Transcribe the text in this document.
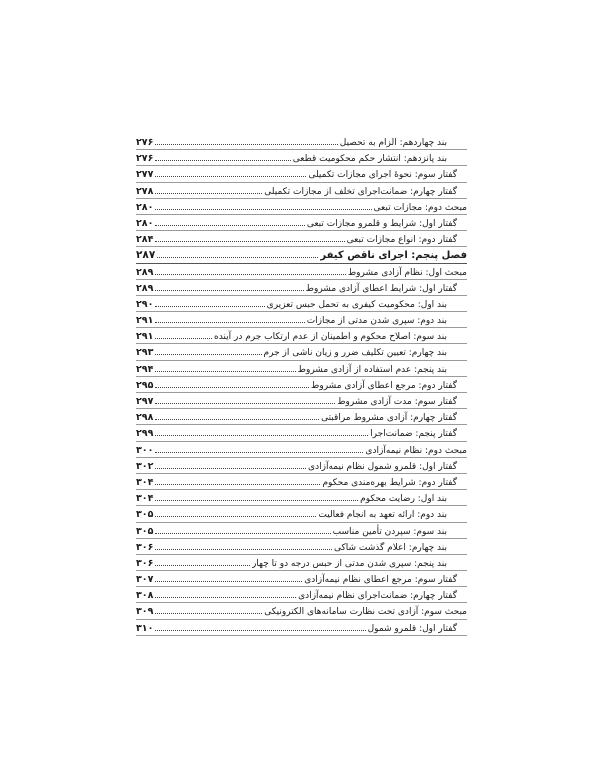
بند چهاردهم: الزام به تحصیل
۲۷۶
بند پانزدهم: انتشار حکم محکومیت قطعی
۲۷۶
گفتار سوم: نحوهٔ اجرای مجازات تکمیلی
۲۷۷
گفتار چهارم: ضمانت‌اجرای تخلف از مجازات تکمیلی
۲۷۸
مبحث دوم: مجازات تبعی
۲۸۰
گفتار اول: شرایط و قلمرو مجازات تبعی
۲۸۰
گفتار دوم: انواع مجازات تبعی
۲۸۴
فصل پنجم: اجرای ناقص کیفر
۲۸۷
مبحث اول: نظام آزادی مشروط
۲۸۹
گفتار اول: شرایط اعطای آزادی مشروط
۲۸۹
بند اول: محکومیت کیفری به تحمل حبس تعزیری
۲۹۰
بند دوم: سپری شدن مدتی از مجازات
۲۹۱
بند سوم: اصلاح محکوم و اطمینان از عدم ارتکاب جرم در آینده
۲۹۱
بند چهارم: تعیین تکلیف ضرر و زیان ناشی از جرم
۲۹۳
بند پنجم: عدم استفاده از آزادی مشروط
۲۹۴
گفتار دوم: مرجع اعطای آزادی مشروط
۲۹۵
گفتار سوم: مدت آزادی مشروط
۲۹۷
گفتار چهارم: آزادی مشروط مراقبتی
۲۹۸
گفتار پنجم: ضمانت‌اجرا
۲۹۹
مبحث دوم: نظام نیمه‌آزادی
۳۰۰
گفتار اول: قلمرو شمول نظام نیمه‌آزادی
۳۰۲
گفتار دوم: شرایط بهره‌مندی محکوم
۳۰۴
بند اول: رضایت محکوم
۳۰۴
بند دوم: ارائه تعهد به انجام فعالیت
۳۰۵
بند سوم: سپردن تأمین مناسب
۳۰۵
بند چهارم: اعلام گذشت شاکی
۳۰۶
بند پنجم: سپری شدن مدتی از حبس درجه دو تا چهار
۳۰۶
گفتار سوم: مرجع اعطای نظام نیمه‌آزادی
۳۰۷
گفتار چهارم: ضمانت‌اجرای نظام نیمه‌آزادی
۳۰۸
مبحث سوم: آزادی تحت نظارت سامانه‌های الکترونیکی
۳۰۹
گفتار اول: قلمرو شمول
۳۱۰
